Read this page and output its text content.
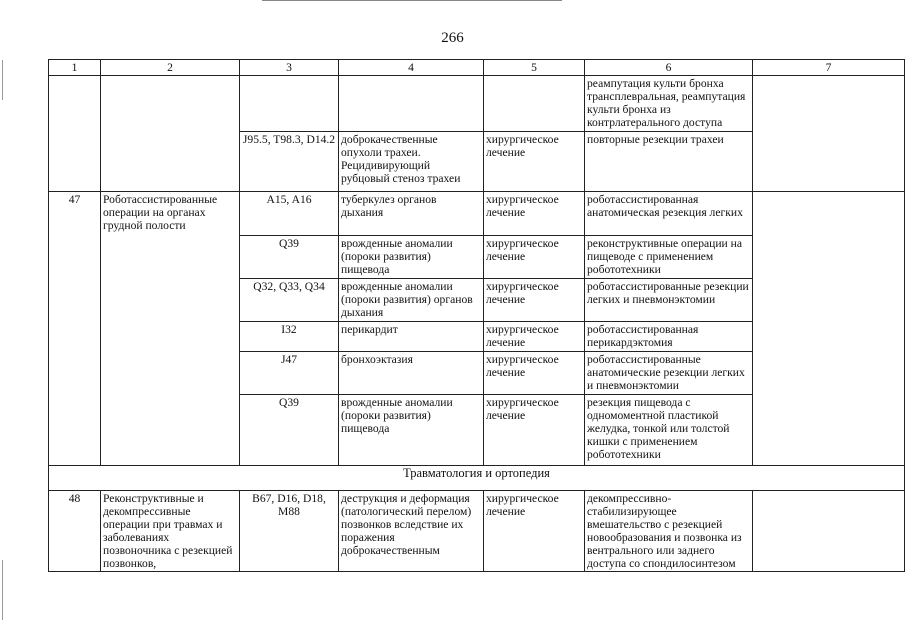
266
1	2	3	4	5	6	7
					реампутация культи бронха трансплевральная, реампутация культи бронха из контрлатерального доступа	
		J95.5, T98.3, D14.2	доброкачественные опухоли трахеи. Рецидивирующий рубцовый стеноз трахеи	хирургическое лечение	повторные резекции трахеи	
47	Роботассистированные операции на органах грудной полости	A15, A16	туберкулез органов дыхания	хирургическое лечение	роботассистированная анатомическая резекция легких	
		Q39	врожденные аномалии (пороки развития) пищевода	хирургическое лечение	реконструктивные операции на пищеводе с применением робототехники	
		Q32, Q33, Q34	врожденные аномалии (пороки развития) органов дыхания	хирургическое лечение	роботассистированные резекции легких и пневмонэктомии	
		I32	перикардит	хирургическое лечение	роботассистированная перикардэктомия	
		J47	бронхоэктазия	хирургическое лечение	роботассистированные анатомические резекции легких и пневмонэктомии	
		Q39	врожденные аномалии (пороки развития) пищевода	хирургическое лечение	резекция пищевода с одномоментной пластикой желудка, тонкой или толстой кишки с применением робототехники	
Травматология и ортопедия						
48	Реконструктивные и декомпрессивные операции при травмах и заболеваниях позвоночника с резекцией позвонков,	B67, D16, D18, M88	деструкция и деформация (патологический перелом) позвонков вследствие их поражения доброкачественным	хирургическое лечение	декомпрессивно-стабилизирующее вмешательство с резекцией новообразования и позвонка из вентрального или заднего доступа со спондилосинтезом	
